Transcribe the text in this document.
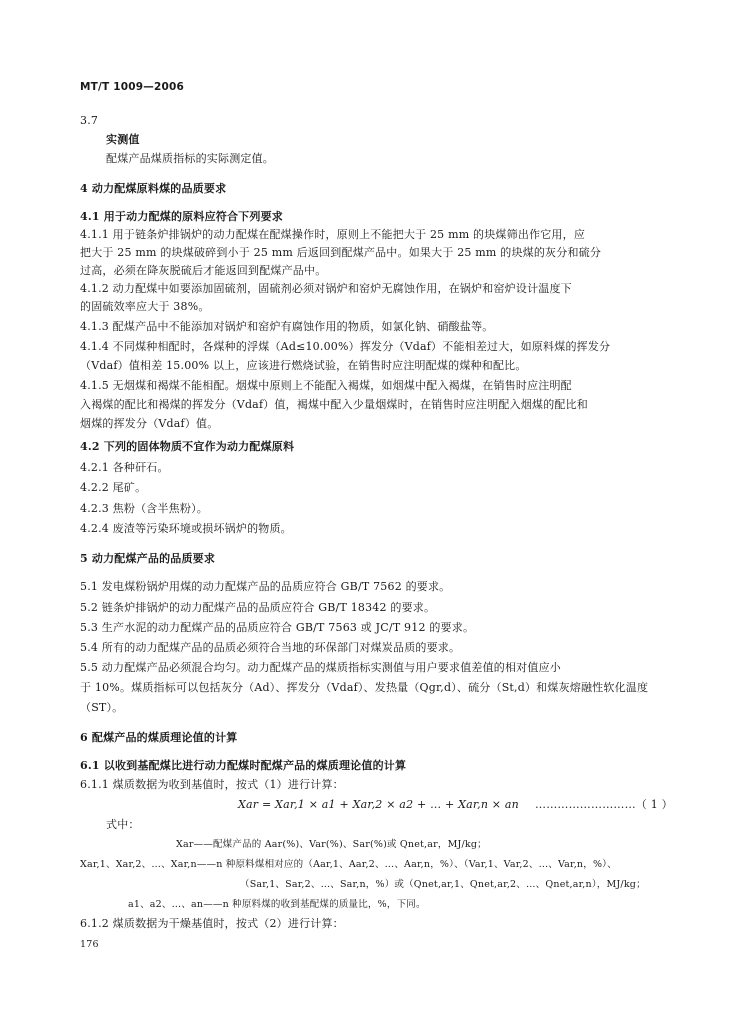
MT/T 1009—2006
3.7
实测值
配煤产品煤质指标的实际测定值。
4 动力配煤原料煤的品质要求
4.1 用于动力配煤的原料应符合下列要求
4.1.1 用于链条炉排锅炉的动力配煤在配煤操作时，原则上不能把大于 25 mm 的块煤筛出作它用，应
把大于 25 mm 的块煤破碎到小于 25 mm 后返回到配煤产品中。如果大于 25 mm 的块煤的灰分和硫分
过高，必须在降灰脱硫后才能返回到配煤产品中。
4.1.2 动力配煤中如要添加固硫剂，固硫剂必须对锅炉和窑炉无腐蚀作用，在锅炉和窑炉设计温度下
的固硫效率应大于 38%。
4.1.3 配煤产品中不能添加对锅炉和窑炉有腐蚀作用的物质，如氯化钠、硝酸盐等。
4.1.4 不同煤种相配时，各煤种的浮煤（Ad≤10.00%）挥发分（Vdaf）不能相差过大，如原料煤的挥发分
（Vdaf）值相差 15.00% 以上，应该进行燃烧试验，在销售时应注明配煤的煤种和配比。
4.1.5 无烟煤和褐煤不能相配。烟煤中原则上不能配入褐煤，如烟煤中配入褐煤，在销售时应注明配
入褐煤的配比和褐煤的挥发分（Vdaf）值，褐煤中配入少量烟煤时，在销售时应注明配入烟煤的配比和
烟煤的挥发分（Vdaf）值。
4.2 下列的固体物质不宜作为动力配煤原料
4.2.1 各种矸石。
4.2.2 尾矿。
4.2.3 焦粉（含半焦粉）。
4.2.4 废渣等污染环境或损坏锅炉的物质。
5 动力配煤产品的品质要求
5.1 发电煤粉锅炉用煤的动力配煤产品的品质应符合 GB/T 7562 的要求。
5.2 链条炉排锅炉的动力配煤产品的品质应符合 GB/T 18342 的要求。
5.3 生产水泥的动力配煤产品的品质应符合 GB/T 7563 或 JC/T 912 的要求。
5.4 所有的动力配煤产品的品质必须符合当地的环保部门对煤炭品质的要求。
5.5 动力配煤产品必须混合均匀。动力配煤产品的煤质指标实测值与用户要求值差值的相对值应小
于 10%。煤质指标可以包括灰分（Ad）、挥发分（Vdaf）、发热量（Qgr,d）、硫分（St,d）和煤灰熔融性软化温度
（ST）。
6 配煤产品的煤质理论值的计算
6.1 以收到基配煤比进行动力配煤时配煤产品的煤质理论值的计算
6.1.1 煤质数据为收到基值时，按式（1）进行计算：
Xar = Xar,1 × a1 + Xar,2 × a2 + … + Xar,n × an ………………………（ 1 ）
式中：
Xar——配煤产品的 Aar(%)、Var(%)、Sar(%)或 Qnet,ar，MJ/kg；
Xar,1、Xar,2、…、Xar,n——n 种原料煤相对应的（Aar,1、Aar,2、…、Aar,n，%）、（Var,1、Var,2、…、Var,n，%）、
（Sar,1、Sar,2、…、Sar,n，%）或（Qnet,ar,1、Qnet,ar,2、…、Qnet,ar,n），MJ/kg；
a1、a2、…、an——n 种原料煤的收到基配煤的质量比，%，下同。
6.1.2 煤质数据为干燥基值时，按式（2）进行计算：
176
